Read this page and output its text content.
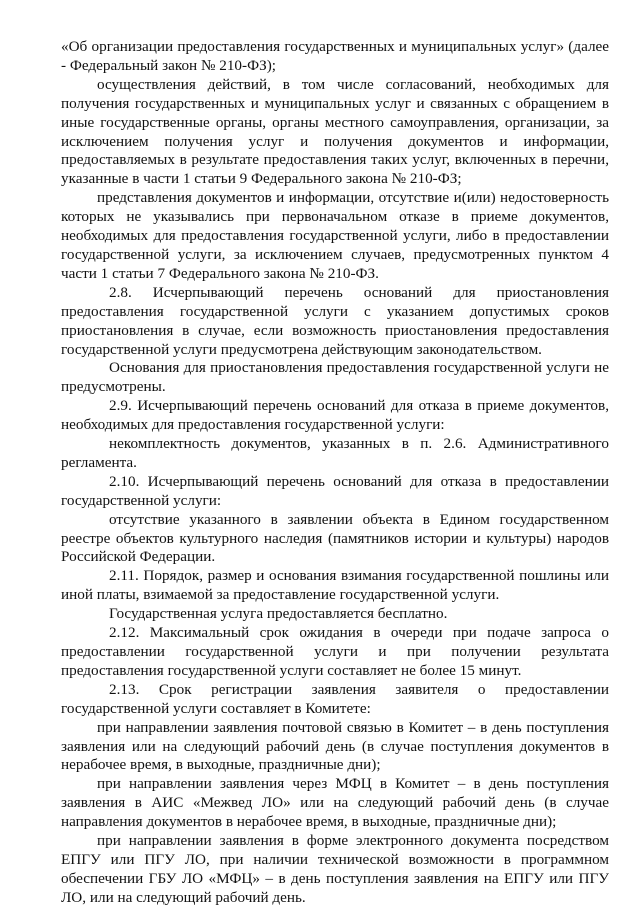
«Об организации предоставления государственных и муниципальных услуг» (далее - Федеральный закон № 210-ФЗ);

осуществления действий, в том числе согласований, необходимых для получения государственных и муниципальных услуг и связанных с обращением в иные государственные органы, органы местного самоуправления, организации, за исключением получения услуг и получения документов и информации, предоставляемых в результате предоставления таких услуг, включенных в перечни, указанные в части 1 статьи 9 Федерального закона № 210-ФЗ;

представления документов и информации, отсутствие и(или) недостоверность которых не указывались при первоначальном отказе в приеме документов, необходимых для предоставления государственной услуги, либо в предоставлении государственной услуги, за исключением случаев, предусмотренных пунктом 4 части 1 статьи 7 Федерального закона № 210-ФЗ.

2.8. Исчерпывающий перечень оснований для приостановления предоставления государственной услуги с указанием допустимых сроков приостановления в случае, если возможность приостановления предоставления государственной услуги предусмотрена действующим законодательством.

Основания для приостановления предоставления государственной услуги не предусмотрены.

2.9. Исчерпывающий перечень оснований для отказа в приеме документов, необходимых для предоставления государственной услуги:

некомплектность документов, указанных в п. 2.6. Административного регламента.

2.10. Исчерпывающий перечень оснований для отказа в предоставлении государственной услуги:

отсутствие указанного в заявлении объекта в Едином государственном реестре объектов культурного наследия (памятников истории и культуры) народов Российской Федерации.

2.11. Порядок, размер и основания взимания государственной пошлины или иной платы, взимаемой за предоставление государственной услуги.

Государственная услуга предоставляется бесплатно.

2.12. Максимальный срок ожидания в очереди при подаче запроса о предоставлении государственной услуги и при получении результата предоставления государственной услуги составляет не более 15 минут.

2.13. Срок регистрации заявления заявителя о предоставлении государственной услуги составляет в Комитете:

при направлении заявления почтовой связью в Комитет – в день поступления заявления или на следующий рабочий день (в случае поступления документов в нерабочее время, в выходные, праздничные дни);

при направлении заявления через МФЦ в Комитет – в день поступления заявления в АИС «Межвед ЛО» или на следующий рабочий день (в случае направления документов в нерабочее время, в выходные, праздничные дни);

при направлении заявления в форме электронного документа посредством ЕПГУ или ПГУ ЛО, при наличии технической возможности в программном обеспечении ГБУ ЛО «МФЦ» – в день поступления заявления на ЕПГУ или ПГУ ЛО, или на следующий рабочий день.
